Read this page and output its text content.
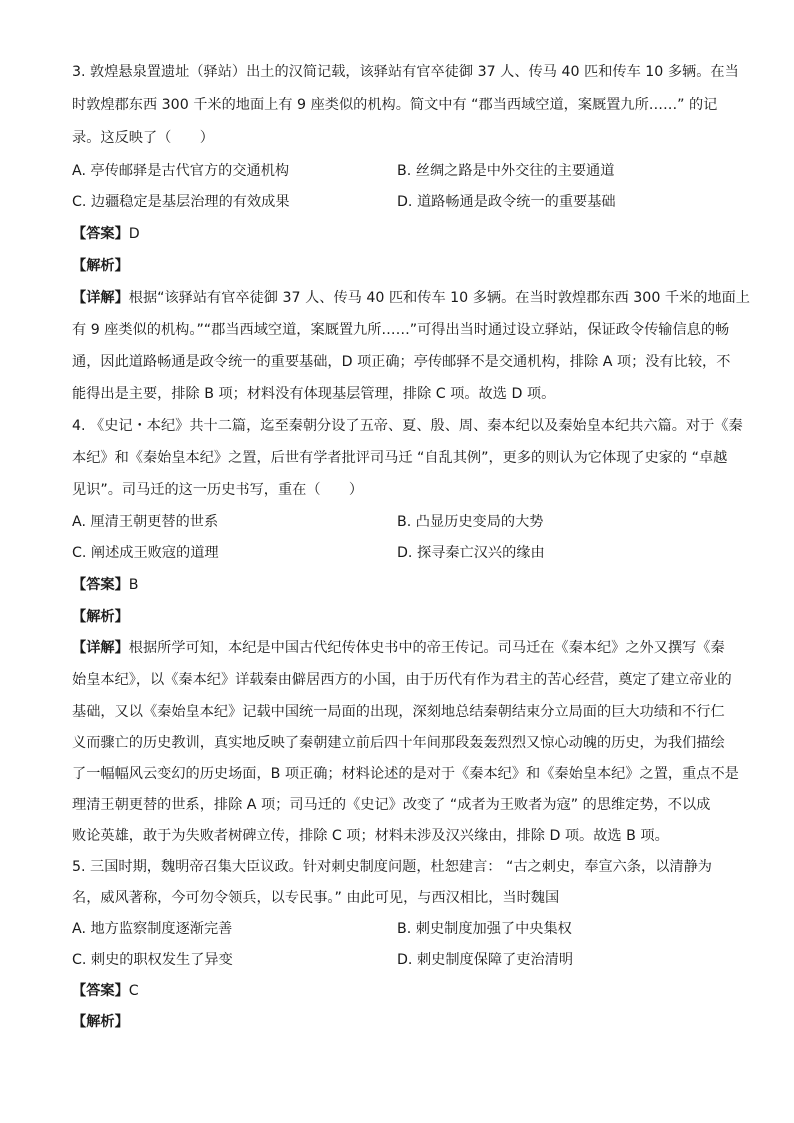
3. 敦煌悬泉置遗址（驿站）出土的汉简记载，该驿站有官卒徒御 37 人、传马 40 匹和传车 10 多辆。在当
时敦煌郡东西 300 千米的地面上有 9 座类似的机构。简文中有 “郡当西域空道，案厩置九所……” 的记
录。这反映了（　　）
A. 亭传邮驿是古代官方的交通机构	B. 丝绸之路是中外交往的主要通道
C. 边疆稳定是基层治理的有效成果	D. 道路畅通是政令统一的重要基础
【答案】D
【解析】
【详解】根据“该驿站有官卒徒御 37 人、传马 40 匹和传车 10 多辆。在当时敦煌郡东西 300 千米的地面上
有 9 座类似的机构。”“郡当西域空道，案厩置九所……”可得出当时通过设立驿站，保证政令传输信息的畅
通，因此道路畅通是政令统一的重要基础，D 项正确；亭传邮驿不是交通机构，排除 A 项；没有比较，不
能得出是主要，排除 B 项；材料没有体现基层管理，排除 C 项。故选 D 项。
4. 《史记・本纪》共十二篇，迄至秦朝分设了五帝、夏、殷、周、秦本纪以及秦始皇本纪共六篇。对于《秦
本纪》和《秦始皇本纪》之置，后世有学者批评司马迁 “自乱其例”，更多的则认为它体现了史家的 “卓越
见识”。司马迁的这一历史书写，重在（　　）
A. 厘清王朝更替的世系	B. 凸显历史变局的大势
C. 阐述成王败寇的道理	D. 探寻秦亡汉兴的缘由
【答案】B
【解析】
【详解】根据所学可知，本纪是中国古代纪传体史书中的帝王传记。司马迁在《秦本纪》之外又撰写《秦
始皇本纪》，以《秦本纪》详载秦由僻居西方的小国，由于历代有作为君主的苦心经营，奠定了建立帝业的
基础，又以《秦始皇本纪》记载中国统一局面的出现，深刻地总结秦朝结束分立局面的巨大功绩和不行仁
义而骤亡的历史教训，真实地反映了秦朝建立前后四十年间那段轰轰烈烈又惊心动魄的历史，为我们描绘
了一幅幅风云变幻的历史场面，B 项正确；材料论述的是对于《秦本纪》和《秦始皇本纪》之置，重点不是
理清王朝更替的世系，排除 A 项；司马迁的《史记》改变了 “成者为王败者为寇” 的思维定势，不以成
败论英雄，敢于为失败者树碑立传，排除 C 项；材料未涉及汉兴缘由，排除 D 项。故选 B 项。
5. 三国时期，魏明帝召集大臣议政。针对刺史制度问题，杜恕建言： “古之刺史，奉宣六条，以清静为
名，威风著称，今可勿令领兵，以专民事。” 由此可见，与西汉相比，当时魏国
A. 地方监察制度逐渐完善	B. 刺史制度加强了中央集权
C. 刺史的职权发生了异变	D. 刺史制度保障了吏治清明
【答案】C
【解析】
